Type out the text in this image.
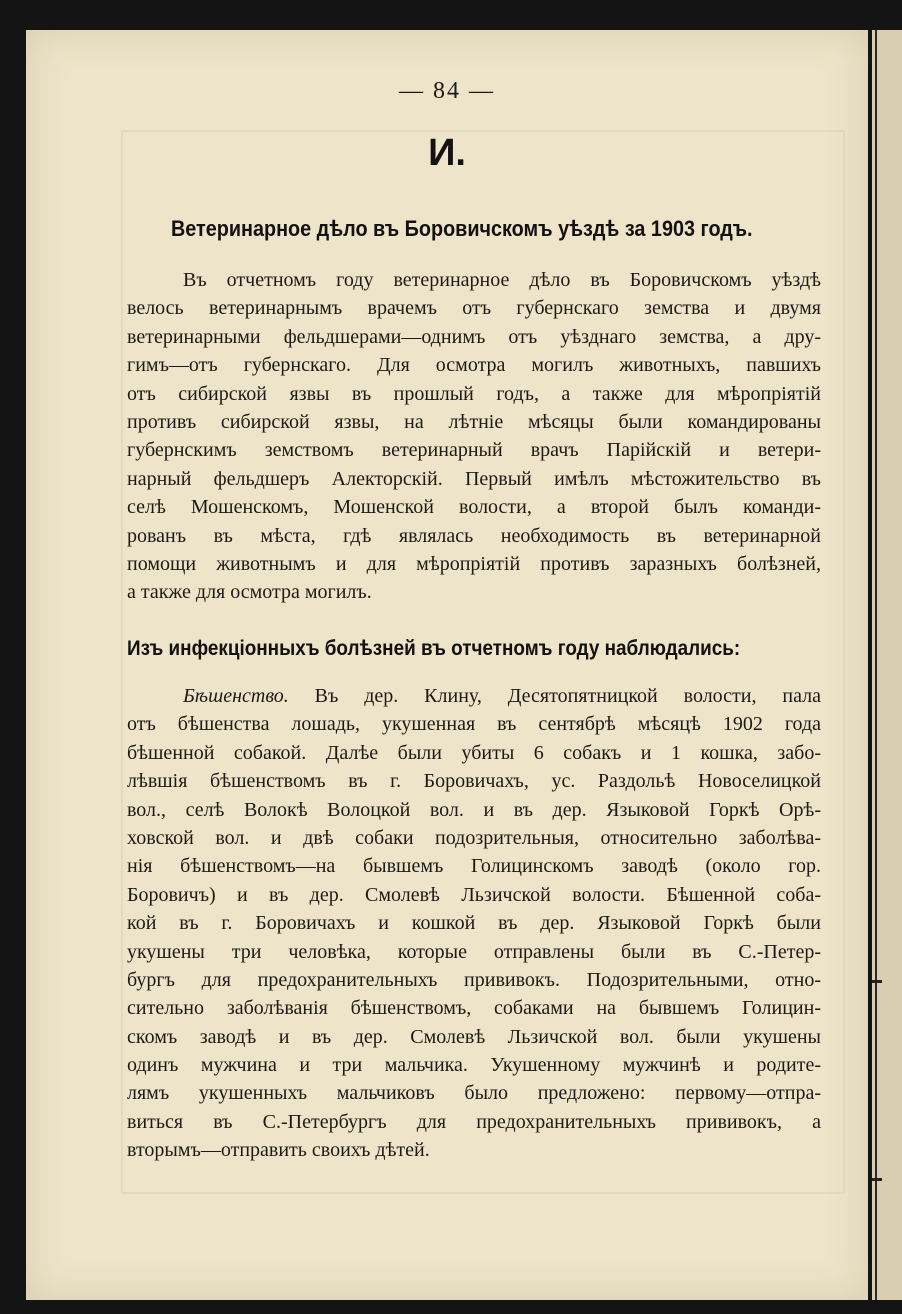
— 84 —
И.
Ветеринарное дѣло въ Боровичскомъ уѣздѣ за 1903 годъ.
Въ отчетномъ году ветеринарное дѣло въ Боровичскомъ уѣздѣ
велось ветеринарнымъ врачемъ отъ губернскаго земства и двумя
ветеринарными фельдшерами—однимъ отъ уѣзднаго земства, а дру-
гимъ—отъ губернскаго. Для осмотра могилъ животныхъ, павшихъ
отъ сибирской язвы въ прошлый годъ, а также для мѣропріятій
противъ сибирской язвы, на лѣтніе мѣсяцы были командированы
губернскимъ земствомъ ветеринарный врачъ Парійскій и ветери-
нарный фельдшеръ Алекторскій. Первый имѣлъ мѣстожительство въ
селѣ Мошенскомъ, Мошенской волости, а второй былъ команди-
рованъ въ мѣста, гдѣ являлась необходимость въ ветеринарной
помощи животнымъ и для мѣропріятій противъ заразныхъ болѣзней,
а также для осмотра могилъ.
Изъ инфекціонныхъ болѣзней въ отчетномъ году наблюдались:
Бѣшенство. Въ дер. Клину, Десятопятницкой волости, пала
отъ бѣшенства лошадь, укушенная въ сентябрѣ мѣсяцѣ 1902 года
бѣшенной собакой. Далѣе были убиты 6 собакъ и 1 кошка, забо-
лѣвшія бѣшенствомъ въ г. Боровичахъ, ус. Раздольѣ Новоселицкой
вол., селѣ Волокѣ Волоцкой вол. и въ дер. Языковой Горкѣ Орѣ-
ховской вол. и двѣ собаки подозрительныя, относительно заболѣва-
нія бѣшенствомъ—на бывшемъ Голицинскомъ заводѣ (около гор.
Боровичъ) и въ дер. Смолевѣ Льзичской волости. Бѣшенной соба-
кой въ г. Боровичахъ и кошкой въ дер. Языковой Горкѣ были
укушены три человѣка, которые отправлены были въ С.-Петер-
бургъ для предохранительныхъ прививокъ. Подозрительными, отно-
сительно заболѣванія бѣшенствомъ, собаками на бывшемъ Голицин-
скомъ заводѣ и въ дер. Смолевѣ Льзичской вол. были укушены
одинъ мужчина и три мальчика. Укушенному мужчинѣ и родите-
лямъ укушенныхъ мальчиковъ было предложено: первому—отпра-
виться въ С.-Петербургъ для предохранительныхъ прививокъ, а
вторымъ—отправить своихъ дѣтей.
